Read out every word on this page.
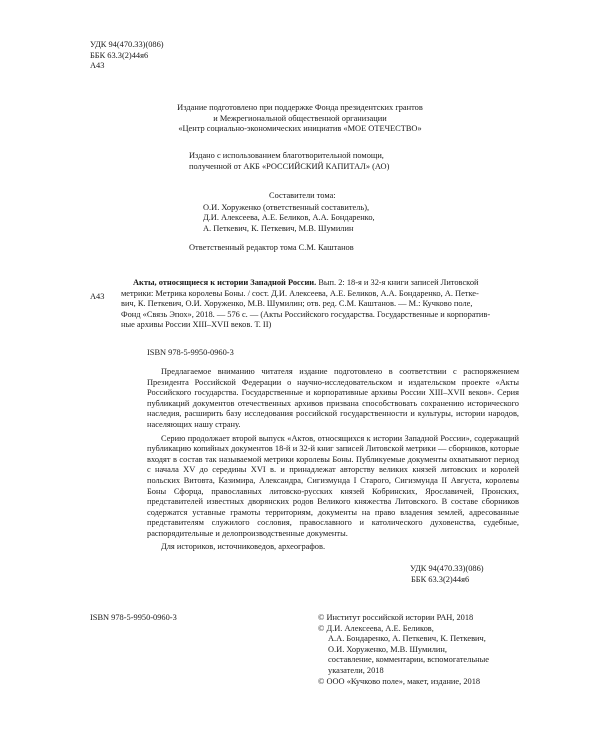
УДК 94(470.33)(086)
ББК 63.3(2)44я6
А43
Издание подготовлено при поддержке Фонда президентских грантов
и Межрегиональной общественной организации
«Центр социально-экономических инициатив «МОЕ ОТЕЧЕСТВО»
Издано с использованием благотворительной помощи,
полученной от АКБ «РОССИЙСКИЙ КАПИТАЛ» (АО)
Составители тома:
О.И. Хоруженко (ответственный составитель),
Д.И. Алексеева, А.Е. Беликов, А.А. Бондаренко,
А. Петкевич, К. Петкевич, М.В. Шумилин
Ответственный редактор тома С.М. Каштанов
А43
Акты, относящиеся к истории Западной России. Вып. 2: 18-я и 32-я книги записей Литовской
метрики: Метрика королевы Боны. / сост. Д.И. Алексеева, А.Е. Беликов, А.А. Бондаренко, А. Петке-
вич, К. Петкевич, О.И. Хоруженко, М.В. Шумилин; отв. ред. С.М. Каштанов. — М.: Кучково поле,
Фонд «Связь Эпох», 2018. — 576 с. — (Акты Российского государства. Государственные и корпоратив-
ные архивы России XIII–XVII веков. Т. II)
ISBN 978-5-9950-0960-3
Предлагаемое вниманию читателя издание подготовлено в соответствии с распоряжением Президента Российской Федерации о научно-исследовательском и издательском проекте «Акты Российского государства. Государственные и корпоративные архивы России XIII–XVII веков». Серия публикаций документов отечественных архивов призвана способствовать сохранению исторического наследия, расширить базу исследования российской государственности и культуры, истории народов, населяющих нашу страну.
Серию продолжает второй выпуск «Актов, относящихся к истории Западной России», содержащий публикацию копийных документов 18-й и 32-й книг записей Литовской метрики — сборников, которые входят в состав так называемой метрики королевы Боны. Публикуемые документы охватывают период с начала XV до середины XVI в. и принадлежат авторству великих князей литовских и королей польских Витовта, Казимира, Александра, Сигизмунда I Старого, Сигизмунда II Августа, королевы Боны Сфорца, православных литовско-русских князей Кобринских, Ярославичей, Пронских, представителей известных дворянских родов Великого княжества Литовского. В составе сборников содержатся уставные грамоты территориям, документы на право владения землей, адресованные представителям служилого сословия, православного и католического духовенства, судебные, распорядительные и делопроизводственные документы.
Для историков, источниковедов, археографов.
УДК 94(470.33)(086)
ББК 63.3(2)44я6
ISBN 978-5-9950-0960-3	© Институт российской истории РАН, 2018
© Д.И. Алексеева, А.Е. Беликов,
А.А. Бондаренко, А. Петкевич, К. Петкевич,
О.И. Хоруженко, М.В. Шумилин,
составление, комментарии, вспомогательные
указатели, 2018
© ООО «Кучково поле», макет, издание, 2018
